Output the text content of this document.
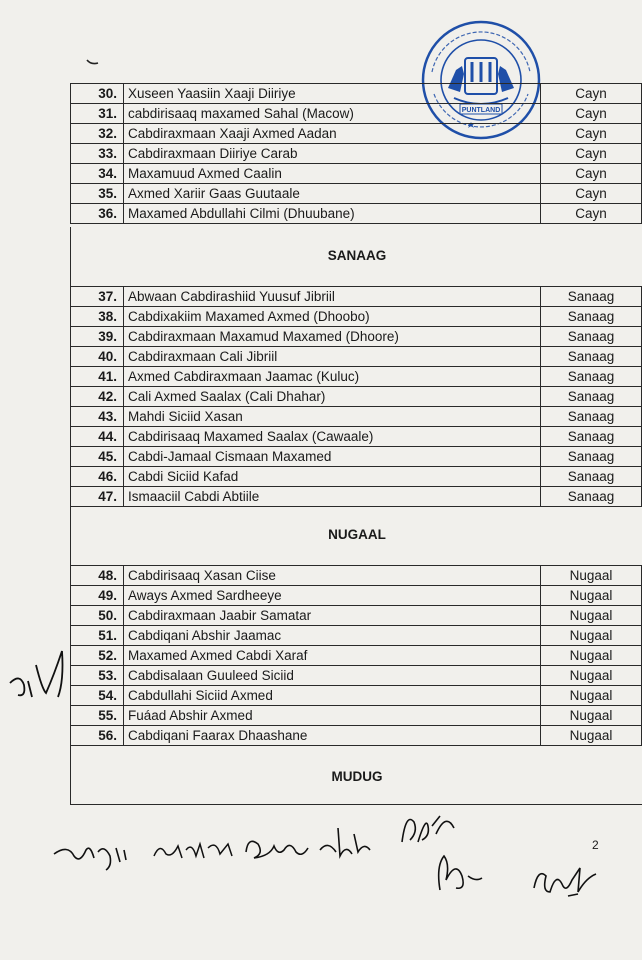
PUNTLAND
30.	Xuseen Yaasiin Xaaji Diiriye	Cayn
31.	cabdirisaaq maxamed Sahal (Macow)	Cayn
32.	Cabdiraxmaan Xaaji Axmed Aadan	Cayn
33.	Cabdiraxmaan Diiriye Carab	Cayn
34.	Maxamuud Axmed Caalin	Cayn
35.	Axmed Xariir Gaas Guutaale	Cayn
36.	Maxamed Abdullahi Cilmi (Dhuubane)	Cayn
SANAAG
37.	Abwaan Cabdirashiid Yuusuf Jibriil	Sanaag
38.	Cabdixakiim Maxamed Axmed (Dhoobo)	Sanaag
39.	Cabdiraxmaan Maxamud Maxamed (Dhoore)	Sanaag
40.	Cabdiraxmaan Cali Jibriil	Sanaag
41.	Axmed Cabdiraxmaan Jaamac (Kuluc)	Sanaag
42.	Cali Axmed Saalax (Cali Dhahar)	Sanaag
43.	Mahdi Siciid Xasan	Sanaag
44.	Cabdirisaaq Maxamed Saalax (Cawaale)	Sanaag
45.	Cabdi-Jamaal Cismaan Maxamed	Sanaag
46.	Cabdi Siciid Kafad	Sanaag
47.	Ismaaciil Cabdi Abtiile	Sanaag
NUGAAL
48.	Cabdirisaaq Xasan Ciise	Nugaal
49.	Aways Axmed Sardheeye	Nugaal
50.	Cabdiraxmaan Jaabir Samatar	Nugaal
51.	Cabdiqani Abshir Jaamac	Nugaal
52.	Maxamed Axmed Cabdi Xaraf	Nugaal
53.	Cabdisalaan Guuleed Siciid	Nugaal
54.	Cabdullahi Siciid Axmed	Nugaal
55.	Fuáad Abshir Axmed	Nugaal
56.	Cabdiqani Faarax Dhaashane	Nugaal
MUDUG
2
